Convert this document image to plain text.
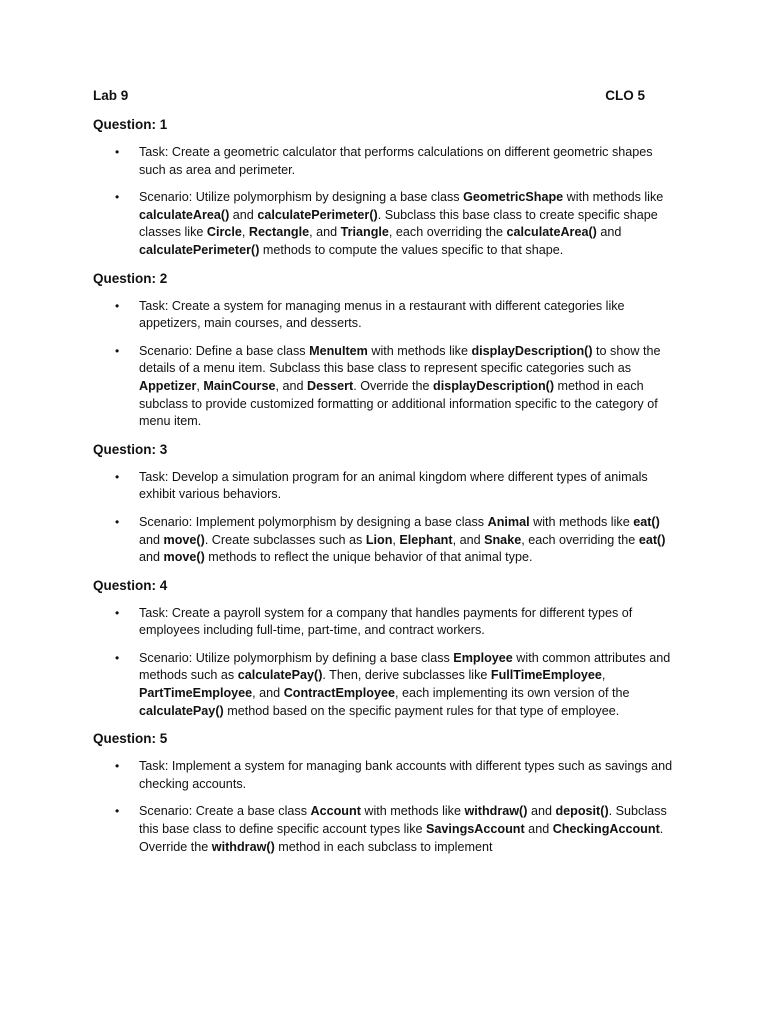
Lab 9	CLO 5
Question: 1
• Task: Create a geometric calculator that performs calculations on different geometric shapes such as area and perimeter.
• Scenario: Utilize polymorphism by designing a base class GeometricShape with methods like calculateArea() and calculatePerimeter(). Subclass this base class to create specific shape classes like Circle, Rectangle, and Triangle, each overriding the calculateArea() and calculatePerimeter() methods to compute the values specific to that shape.
Question: 2
• Task: Create a system for managing menus in a restaurant with different categories like appetizers, main courses, and desserts.
• Scenario: Define a base class MenuItem with methods like displayDescription() to show the details of a menu item. Subclass this base class to represent specific categories such as Appetizer, MainCourse, and Dessert. Override the displayDescription() method in each subclass to provide customized formatting or additional information specific to the category of menu item.
Question: 3
• Task: Develop a simulation program for an animal kingdom where different types of animals exhibit various behaviors.
• Scenario: Implement polymorphism by designing a base class Animal with methods like eat() and move(). Create subclasses such as Lion, Elephant, and Snake, each overriding the eat() and move() methods to reflect the unique behavior of that animal type.
Question: 4
• Task: Create a payroll system for a company that handles payments for different types of employees including full-time, part-time, and contract workers.
• Scenario: Utilize polymorphism by defining a base class Employee with common attributes and methods such as calculatePay(). Then, derive subclasses like FullTimeEmployee, PartTimeEmployee, and ContractEmployee, each implementing its own version of the calculatePay() method based on the specific payment rules for that type of employee.
Question: 5
• Task: Implement a system for managing bank accounts with different types such as savings and checking accounts.
• Scenario: Create a base class Account with methods like withdraw() and deposit(). Subclass this base class to define specific account types like SavingsAccount and CheckingAccount. Override the withdraw() method in each subclass to implement
